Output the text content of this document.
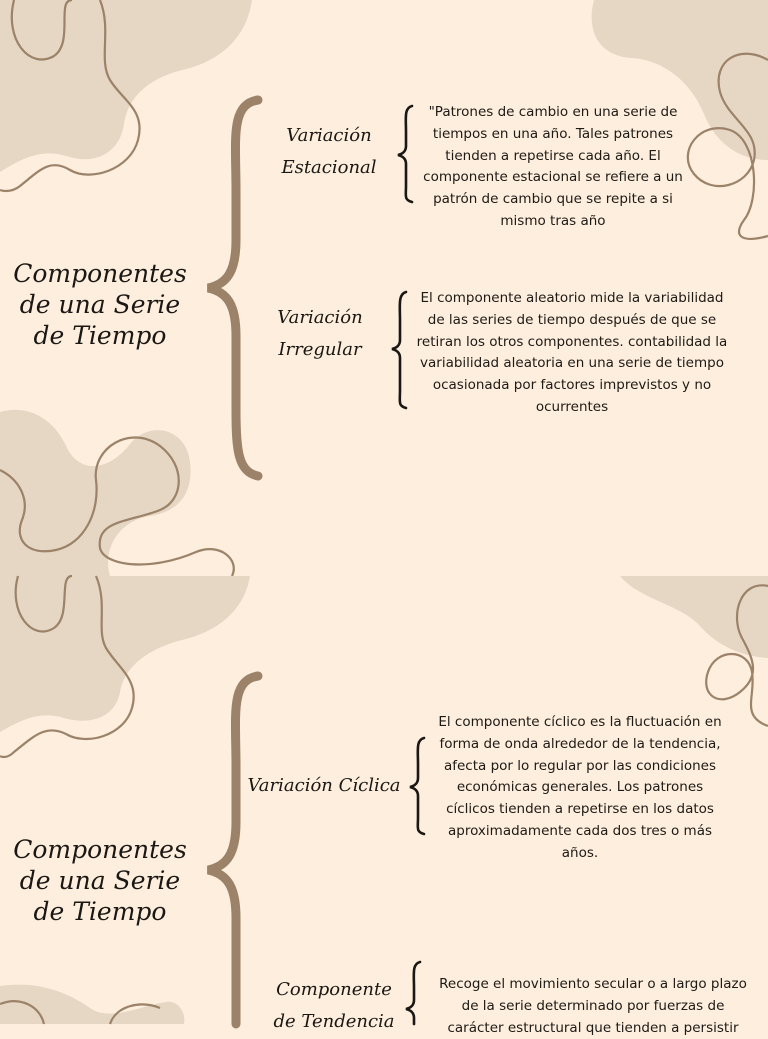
Componentes de una Serie de Tiempo
Variación Estacional
"Patrones de cambio en una serie de tiempos en una año. Tales patrones tienden a repetirse cada año. El componente estacional se refiere a un patrón de cambio que se repite a si mismo tras año
Variación Irregular
El componente aleatorio mide la variabilidad de las series de tiempo después de que se retiran los otros componentes. contabilidad la variabilidad aleatoria en una serie de tiempo ocasionada por factores imprevistos y no ocurrentes
Componentes de una Serie de Tiempo
Variación Cíclica
El componente cíclico es la fluctuación en forma de onda alrededor de la tendencia, afecta por lo regular por las condiciones económicas generales. Los patrones cíclicos tienden a repetirse en los datos aproximadamente cada dos tres o más años.
Componente de Tendencia
Recoge el movimiento secular o a largo plazo de la serie determinado por fuerzas de carácter estructural que tienden a persistir
